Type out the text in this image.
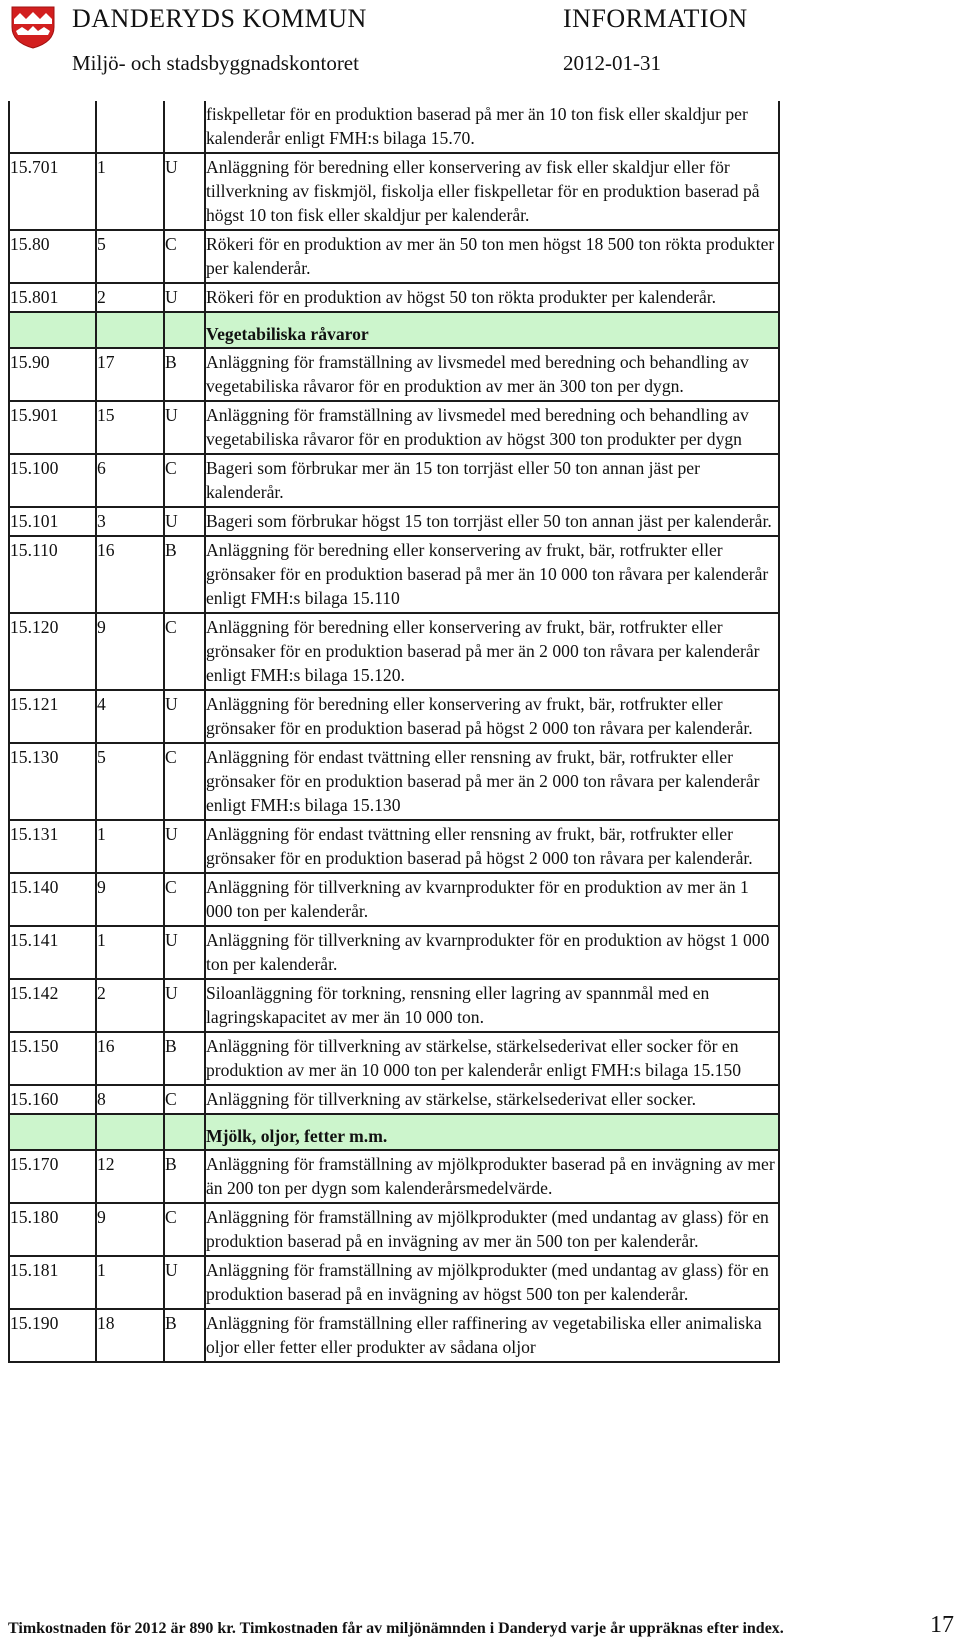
DANDERYDS KOMMUN	INFORMATION
Miljö- och stadsbyggnadskontoret	2012-01-31
			fiskpelletar för en produktion baserad på mer än 10 ton fisk eller skaldjur per kalenderår enligt FMH:s bilaga 15.70.
15.701	1	U	Anläggning för beredning eller konservering av fisk eller skaldjur eller för tillverkning av fiskmjöl, fiskolja eller fiskpelletar för en produktion baserad på högst 10 ton fisk eller skaldjur per kalenderår.
15.80	5	C	Rökeri för en produktion av mer än 50 ton men högst 18 500 ton rökta produkter per kalenderår.
15.801	2	U	Rökeri för en produktion av högst 50 ton rökta produkter per kalenderår.
			Vegetabiliska råvaror
15.90	17	B	Anläggning för framställning av livsmedel med beredning och behandling av vegetabiliska råvaror för en produktion av mer än 300 ton per dygn.
15.901	15	U	Anläggning för framställning av livsmedel med beredning och behandling av vegetabiliska råvaror för en produktion av högst 300 ton produkter per dygn
15.100	6	C	Bageri som förbrukar mer än 15 ton torrjäst eller 50 ton annan jäst per kalenderår.
15.101	3	U	Bageri som förbrukar högst 15 ton torrjäst eller 50 ton annan jäst per kalenderår.
15.110	16	B	Anläggning för beredning eller konservering av frukt, bär, rotfrukter eller grönsaker för en produktion baserad på mer än 10 000 ton råvara per kalenderår enligt FMH:s bilaga 15.110
15.120	9	C	Anläggning för beredning eller konservering av frukt, bär, rotfrukter eller grönsaker för en produktion baserad på mer än 2 000 ton råvara per kalenderår enligt FMH:s bilaga 15.120.
15.121	4	U	Anläggning för beredning eller konservering av frukt, bär, rotfrukter eller grönsaker för en produktion baserad på högst 2 000 ton råvara per kalenderår.
15.130	5	C	Anläggning för endast tvättning eller rensning av frukt, bär, rotfrukter eller grönsaker för en produktion baserad på mer än 2 000 ton råvara per kalenderår enligt FMH:s bilaga 15.130
15.131	1	U	Anläggning för endast tvättning eller rensning av frukt, bär, rotfrukter eller grönsaker för en produktion baserad på högst 2 000 ton råvara per kalenderår.
15.140	9	C	Anläggning för tillverkning av kvarnprodukter för en produktion av mer än 1 000 ton per kalenderår.
15.141	1	U	Anläggning för tillverkning av kvarnprodukter för en produktion av högst 1 000 ton per kalenderår.
15.142	2	U	Siloanläggning för torkning, rensning eller lagring av spannmål med en lagringskapacitet av mer än 10 000 ton.
15.150	16	B	Anläggning för tillverkning av stärkelse, stärkelsederivat eller socker för en produktion av mer än 10 000 ton per kalenderår enligt FMH:s bilaga 15.150
15.160	8	C	Anläggning för tillverkning av stärkelse, stärkelsederivat eller socker.
			Mjölk, oljor, fetter m.m.
15.170	12	B	Anläggning för framställning av mjölkprodukter baserad på en invägning av mer än 200 ton per dygn som kalenderårsmedelvärde.
15.180	9	C	Anläggning för framställning av mjölkprodukter (med undantag av glass) för en produktion baserad på en invägning av mer än 500 ton per kalenderår.
15.181	1	U	Anläggning för framställning av mjölkprodukter (med undantag av glass) för en produktion baserad på en invägning av högst 500 ton per kalenderår.
15.190	18	B	Anläggning för framställning eller raffinering av vegetabiliska eller animaliska oljor eller fetter eller produkter av sådana oljor
Timkostnaden för 2012 är 890 kr. Timkostnaden får av miljönämnden i Danderyd varje år uppräknas efter index.	17
